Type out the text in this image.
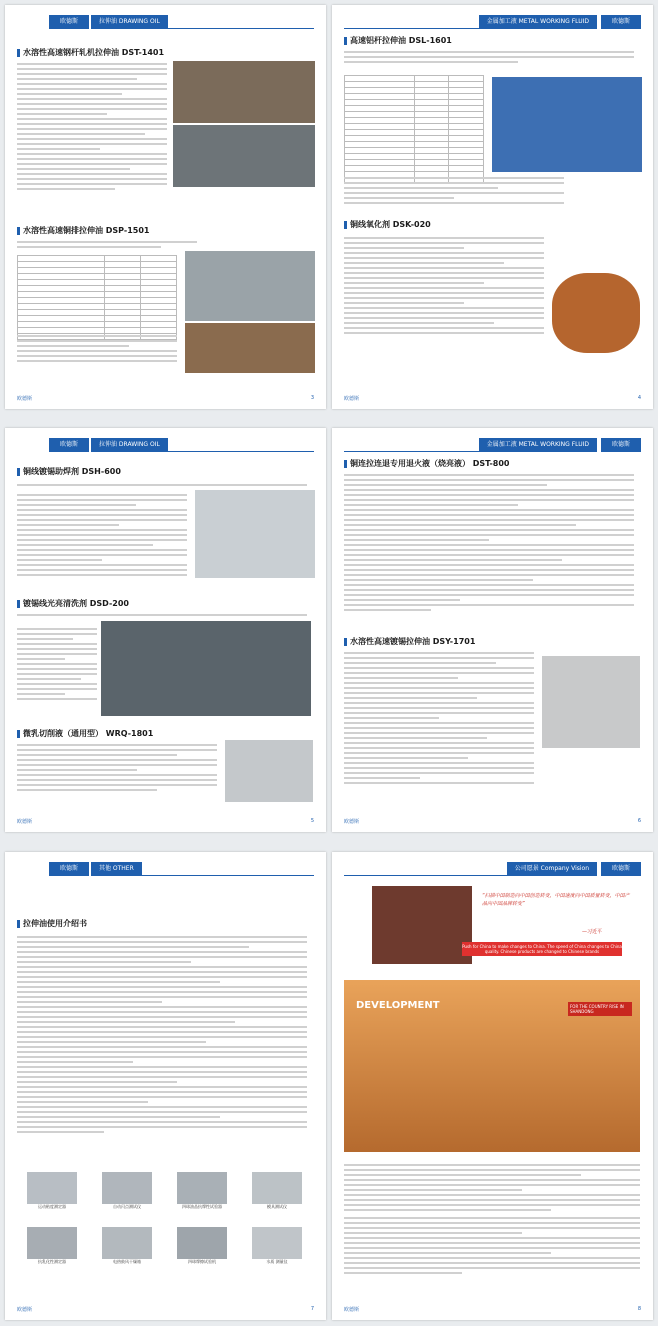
欧德斯	拉伸油 DRAWING OIL
水溶性高速钢杆轧机拉伸油 DST-1401
水溶性高速铜排拉伸油 DSP-1501

欧德斯	3
金属加工液 METAL WORKING FLUID	欧德斯
高速铝杆拉伸油 DSL-1601

铜线氧化剂 DSK-020
欧德斯	4
欧德斯	拉伸油 DRAWING OIL
铜线镀锡助焊剂 DSH-600
镀锡线光亮清洗剂 DSD-200
微乳切削液（通用型） WRQ-1801
欧德斯	5
金属加工液 METAL WORKING FLUID	欧德斯
铜连拉连退专用退火液（烧亮液） DST-800
水溶性高速镀锡拉伸油 DSY-1701
欧德斯	6
欧德斯	其他 OTHER
拉伸油使用介绍书
运动粘度测定器	自动闪点测试仪	四球油品抗摩性试验器	模具测试仪
抗乳化性测定器	电热鼓风干燥箱	四球摩擦试验机	水质 测量仪
欧德斯	7
公司愿景 Company Vision	欧德斯
“扫描中国制造向中国创造转变，中国速度向中国质量转变，中国产品向中国品牌转变”
—习近平
Push for China to make changes to China. The speed of China changes to China quality. Chinese products are changed to Chinese brands
DEVELOPMENT	FOR THE COUNTRY RISE IN SHANDONG
欧德斯	8
